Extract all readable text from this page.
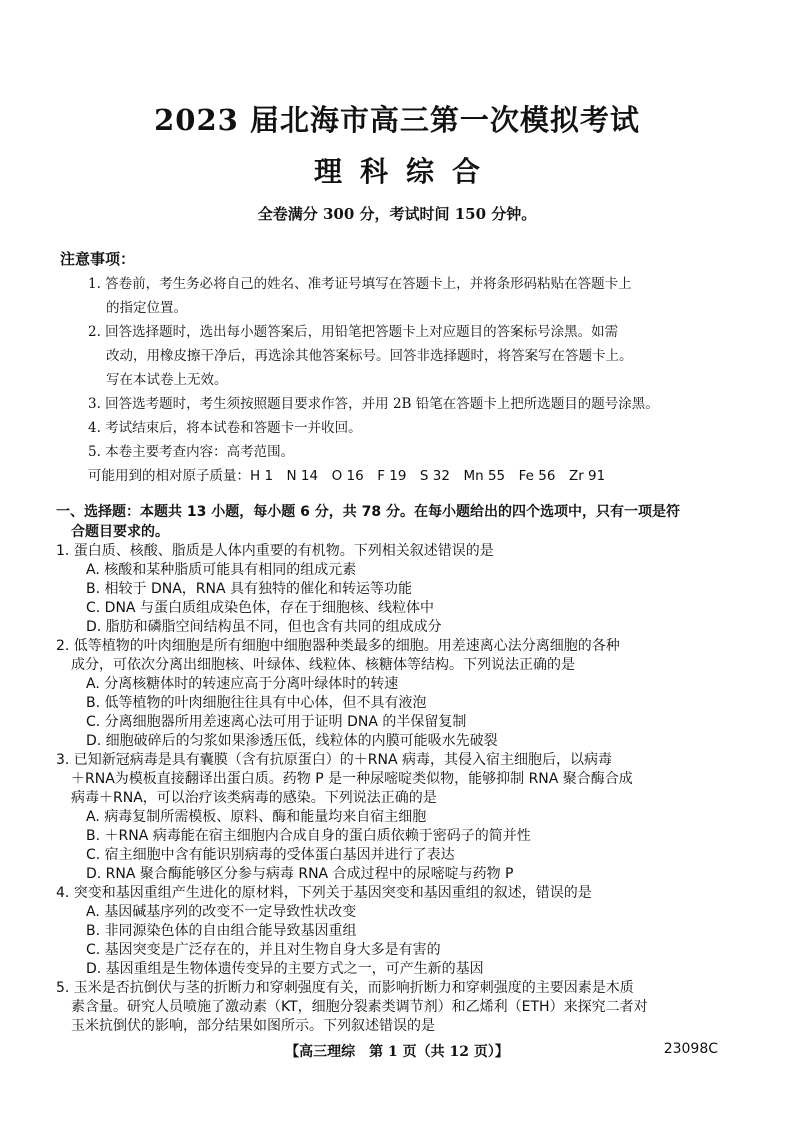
2023 届北海市高三第一次模拟考试
理科综合
全卷满分 300 分，考试时间 150 分钟。
注意事项：

1. 答卷前，考生务必将自己的姓名、准考证号填写在答题卡上，并将条形码粘贴在答题卡上

的指定位置。

2. 回答选择题时，选出每小题答案后，用铅笔把答题卡上对应题目的答案标号涂黑。如需

改动，用橡皮擦干净后，再选涂其他答案标号。回答非选择题时，将答案写在答题卡上。

写在本试卷上无效。

3. 回答选考题时，考生须按照题目要求作答，并用 2B 铅笔在答题卡上把所选题目的题号涂黑。

4. 考试结束后，将本试卷和答题卡一并收回。

5. 本卷主要考查内容：高考范围。

可能用到的相对原子质量：H 1　N 14　O 16　F 19　S 32　Mn 55　Fe 56　Zr 91

一、选择题：本题共 13 小题，每小题 6 分，共 78 分。在每小题给出的四个选项中，只有一项是符
合题目要求的。

1. 蛋白质、核酸、脂质是人体内重要的有机物。下列相关叙述错误的是

A. 核酸和某种脂质可能具有相同的组成元素

B. 相较于 DNA，RNA 具有独特的催化和转运等功能

C. DNA 与蛋白质组成染色体，存在于细胞核、线粒体中

D. 脂肪和磷脂空间结构虽不同，但也含有共同的组成成分

2. 低等植物的叶肉细胞是所有细胞中细胞器种类最多的细胞。用差速离心法分离细胞的各种

成分，可依次分离出细胞核、叶绿体、线粒体、核糖体等结构。下列说法正确的是

A. 分离核糖体时的转速应高于分离叶绿体时的转速

B. 低等植物的叶肉细胞往往具有中心体，但不具有液泡

C. 分离细胞器所用差速离心法可用于证明 DNA 的半保留复制

D. 细胞破碎后的匀浆如果渗透压低，线粒体的内膜可能吸水先破裂

3. 已知新冠病毒是具有囊膜（含有抗原蛋白）的＋RNA 病毒，其侵入宿主细胞后，以病毒

＋RNA为模板直接翻译出蛋白质。药物 P 是一种尿嘧啶类似物，能够抑制 RNA 聚合酶合成

病毒＋RNA，可以治疗该类病毒的感染。下列说法正确的是

A. 病毒复制所需模板、原料、酶和能量均来自宿主细胞

B. ＋RNA 病毒能在宿主细胞内合成自身的蛋白质依赖于密码子的简并性

C. 宿主细胞中含有能识别病毒的受体蛋白基因并进行了表达

D. RNA 聚合酶能够区分参与病毒 RNA 合成过程中的尿嘧啶与药物 P

4. 突变和基因重组产生进化的原材料，下列关于基因突变和基因重组的叙述，错误的是

A. 基因碱基序列的改变不一定导致性状改变

B. 非同源染色体的自由组合能导致基因重组

C. 基因突变是广泛存在的，并且对生物自身大多是有害的

D. 基因重组是生物体遗传变异的主要方式之一，可产生新的基因

5. 玉米是否抗倒伏与茎的折断力和穿刺强度有关，而影响折断力和穿刺强度的主要因素是木质

素含量。研究人员喷施了激动素（KT，细胞分裂素类调节剂）和乙烯利（ETH）来探究二者对

玉米抗倒伏的影响，部分结果如图所示。下列叙述错误的是

【高三理综　第 1 页（共 12 页）】	23098C
